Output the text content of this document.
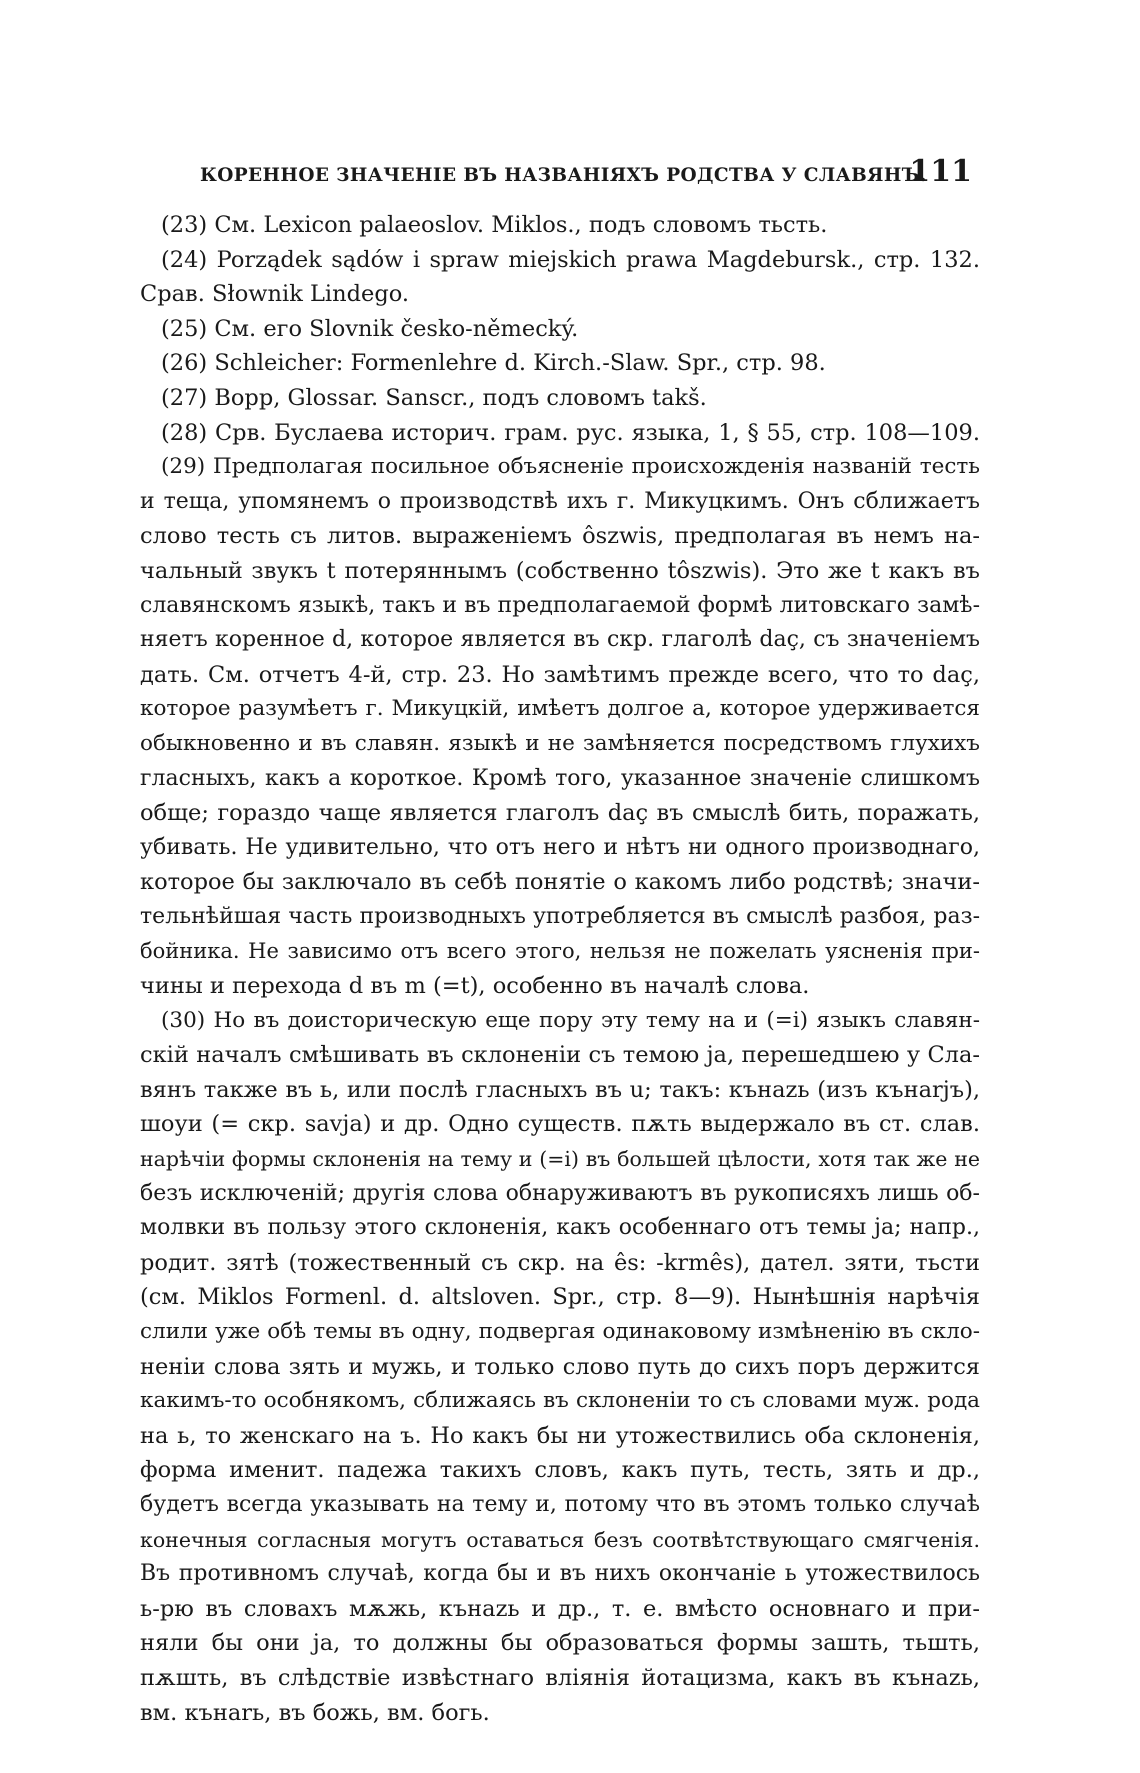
КОРЕННОЕ ЗНАЧЕНІЕ ВЪ НАЗВАНІЯХЪ РОДСТВА У СЛАВЯНЪ.
111
(23) См. Lexicon palaeoslov. Miklos., подъ словомъ тьсть.
(24) Porządek sądów i spraw miejskich prawa Magdebursk., стр. 132.
Срав. Słownik Lindego.
(25) См. его Slovnik česko-německý.
(26) Schleicher: Formenlehre d. Kirch.-Slaw. Spr., стр. 98.
(27) Bopp, Glossar. Sanscr., подъ словомъ takš.
(28) Срв. Буслаева историч. грам. рус. языка, 1, § 55, стр. 108—109.
(29) Предполагая посильное объясненіе происхожденія названій тесть
и теща, упомянемъ о производствѣ ихъ г. Микуцкимъ. Онъ сближаетъ
слово тесть съ литов. выраженіемъ ôszwis, предполагая въ немъ на-
чальный звукъ t потеряннымъ (собственно tôszwis). Это же t какъ въ
славянскомъ языкѣ, такъ и въ предполагаемой формѣ литовскаго замѣ-
няетъ коренное d, которое является въ скр. глаголѣ daç, съ значеніемъ
дать. См. отчетъ 4-й, стр. 23. Но замѣтимъ прежде всего, что то daç,
которое разумѣетъ г. Микуцкій, имѣетъ долгое a, которое удерживается
обыкновенно и въ славян. языкѣ и не замѣняется посредствомъ глухихъ
гласныхъ, какъ а короткое. Кромѣ того, указанное значеніе слишкомъ
обще; гораздо чаще является глаголъ daç въ смыслѣ бить, поражать,
убивать. Не удивительно, что отъ него и нѣтъ ни одного производнаго,
которое бы заключало въ себѣ понятіе о какомъ либо родствѣ; значи-
тельнѣйшая часть производныхъ употребляется въ смыслѣ разбоя, раз-
бойника. Не зависимо отъ всего этого, нельзя не пожелать уясненія при-
чины и перехода d въ m (=t), особенно въ началѣ слова.
(30) Но въ доисторическую еще пору эту тему на и (=i) языкъ славян-
скій началъ смѣшивать въ склоненіи съ темою ja, перешедшею у Сла-
вянъ также въ ь, или послѣ гласныхъ въ u; такъ: кънazь (изъ кънarjъ),
шоуи (= скр. savja) и др. Одно существ. пѫть выдержало въ ст. слав.
нарѣчіи формы склоненія на тему и (=i) въ большей цѣлости, хотя так же не
безъ исключеній; другія слова обнаруживаютъ въ рукописяхъ лишь об-
молвки въ пользу этого склоненія, какъ особеннаго отъ темы ja; напр.,
родит. зятѣ (тожественный съ скр. на ês: -krmês), дател. зяти, тьсти
(см. Miklos Formenl. d. altsloven. Spr., стр. 8—9). Нынѣшнія нарѣчія
слили уже обѣ темы въ одну, подвергая одинаковому измѣненію въ скло-
неніи слова зять и мужь, и только слово путь до сихъ поръ держится
какимъ-то особнякомъ, сближаясь въ склоненіи то съ словами муж. рода
на ь, то женскаго на ъ. Но какъ бы ни утожествились оба склоненія,
форма именит. падежа такихъ словъ, какъ путь, тесть, зять и др.,
будетъ всегда указывать на тему и, потому что въ этомъ только случаѣ
конечныя согласныя могутъ оставаться безъ соотвѣтствующаго смягченія.
Въ противномъ случаѣ, когда бы и въ нихъ окончаніе ь утожествилось
ь-рю въ словахъ мѫжь, кънazь и др., т. е. вмѣсто основнаго и при-
няли бы они ja, то должны бы образоваться формы зашть, тьшть,
пѫшть, въ слѣдствіе извѣстнаго вліянія йотацизма, какъ въ кънazь,
вм. кънarь, въ божь, вм. богь.
